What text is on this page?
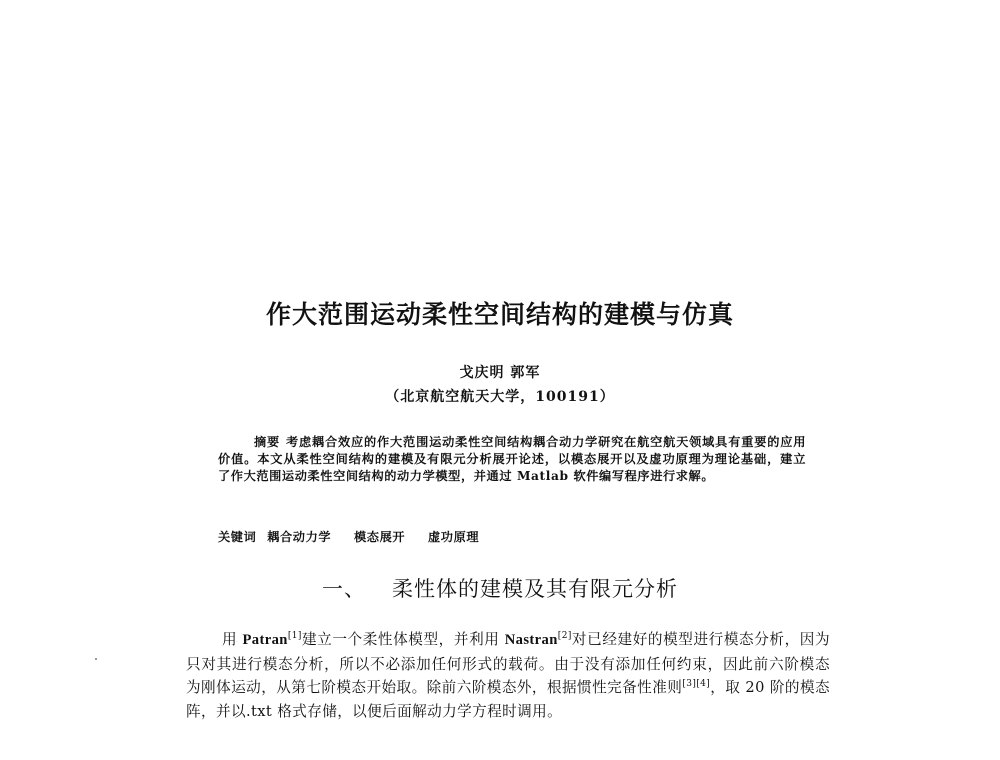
作大范围运动柔性空间结构的建模与仿真
戈庆明 郭军
（北京航空航天大学，100191）
摘要 考虑耦合效应的作大范围运动柔性空间结构耦合动力学研究在航空航天领域具有重要的应用价值。本文从柔性空间结构的建模及有限元分析展开论述，以模态展开以及虚功原理为理论基础，建立了作大范围运动柔性空间结构的动力学模型，并通过 Matlab 软件编写程序进行求解。
关键词 耦合动力学 模态展开 虚功原理
一、 柔性体的建模及其有限元分析
用 Patran[1]建立一个柔性体模型，并利用 Nastran[2]对已经建好的模型进行模态分析，因为只对其进行模态分析，所以不必添加任何形式的载荷。由于没有添加任何约束，因此前六阶模态为刚体运动，从第七阶模态开始取。除前六阶模态外，根据惯性完备性准则[3][4]，取 20 阶的模态阵，并以.txt 格式存储，以便后面解动力学方程时调用。
